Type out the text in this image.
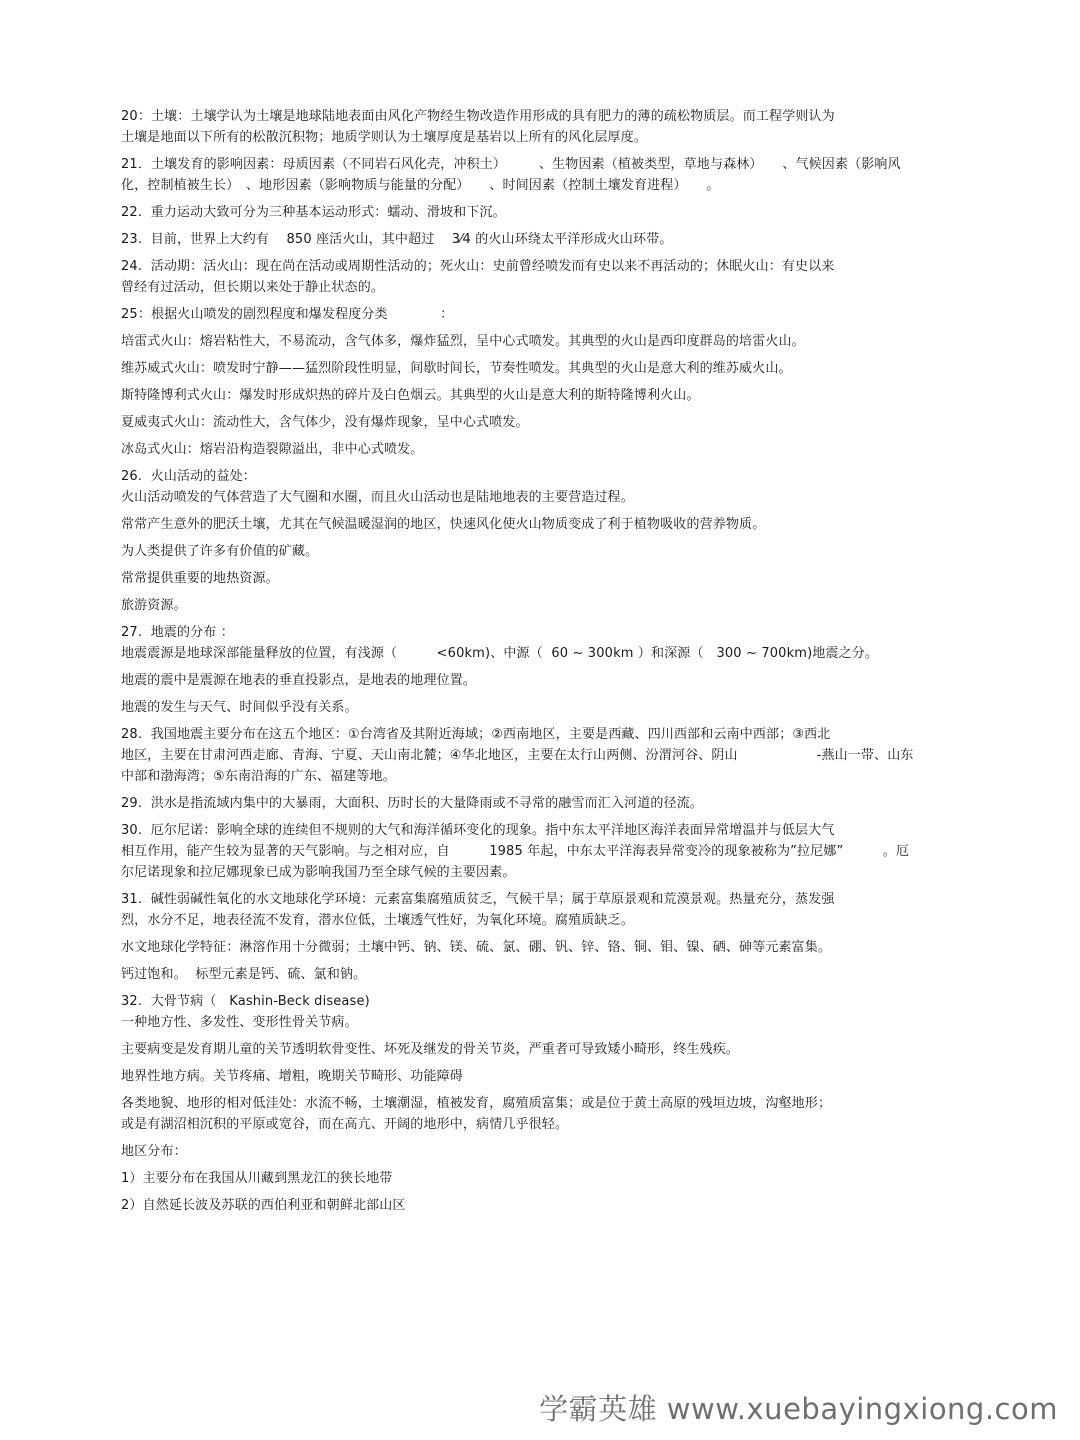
20：土壤：土壤学认为土壤是地球陆地表面由风化产物经生物改造作用形成的具有肥力的薄的疏松物质层。而工程学则认为
土壤是地面以下所有的松散沉积物；地质学则认为土壤厚度是基岩以上所有的风化层厚度。
21．土壤发育的影响因素：母质因素（不同岩石风化壳，冲积土）　　　、生物因素（植被类型，草地与森林）　　、气候因素（影响风
化，控制植被生长）　、地形因素（影响物质与能量的分配）　　、时间因素（控制土壤发育进程）　　。
22.  重力运动大致可分为三种基本运动形式：蠕动、滑坡和下沉。
23.  目前，世界上大约有　 850 座活火山，其中超过　 3⁄4 的火山环绕太平洋形成火山环带。
24.  活动期：活火山：现在尚在活动或周期性活动的；死火山：史前曾经喷发而有史以来不再活动的；休眠火山：有史以来
曾经有过活动，但长期以来处于静止状态的。
25：根据火山喷发的剧烈程度和爆发程度分类　　　　：
培雷式火山：熔岩粘性大，不易流动，含气体多，爆炸猛烈，呈中心式喷发。其典型的火山是西印度群岛的培雷火山。
维苏威式火山：喷发时宁静——猛烈阶段性明显，间歇时间长，节奏性喷发。其典型的火山是意大利的维苏威火山。
斯特隆博利式火山：爆发时形成炽热的碎片及白色烟云。其典型的火山是意大利的斯特隆博利火山。
夏威夷式火山：流动性大，含气体少，没有爆炸现象，呈中心式喷发。
冰岛式火山：熔岩沿构造裂隙溢出，非中心式喷发。
26.  火山活动的益处：
火山活动喷发的气体营造了大气圈和水圈，而且火山活动也是陆地地表的主要营造过程。
常常产生意外的肥沃土壤，尤其在气候温暖湿润的地区，快速风化使火山物质变成了利于植物吸收的营养物质。
为人类提供了许多有价值的矿藏。
常常提供重要的地热资源。
旅游资源。
27.  地震的分布 ：
地震震源是地球深部能量释放的位置，有浅源（　　　<60km)、中源（  60 ~ 300km ）和深源（   300 ~ 700km)地震之分。
地震的震中是震源在地表的垂直投影点，是地表的地理位置。
地震的发生与天气、时间似乎没有关系。
28.  我国地震主要分布在这五个地区：①台湾省及其附近海域；②西南地区，主要是西藏、四川西部和云南中西部；③西北
地区，主要在甘肃河西走廊、青海、宁夏、天山南北麓；④华北地区，主要在太行山两侧、汾渭河谷、阴山　　　　　　-燕山一带、山东
中部和渤海湾；⑤东南沿海的广东、福建等地。
29.  洪水是指流域内集中的大暴雨，大面积、历时长的大量降雨或不寻常的融雪而汇入河道的径流。
30.  厄尔尼诺：影响全球的连续但不规则的大气和海洋循环变化的现象。指中东太平洋地区海洋表面异常增温并与低层大气
相互作用，能产生较为显著的天气影响。与之相对应，自　　　1985 年起，中东太平洋海表异常变冷的现象被称为”拉尼娜”　　　。厄
尔尼诺现象和拉尼娜现象已成为影响我国乃至全球气候的主要因素。
31.  碱性弱碱性氧化的水文地球化学环境：元素富集腐殖质贫乏，气候干旱；属于草原景观和荒漠景观。热量充分，蒸发强
烈，水分不足，地表径流不发育，潜水位低，土壤透气性好，为氧化环境。腐殖质缺乏。
水文地球化学特征：淋溶作用十分微弱；土壤中钙、钠、镁、硫、氯、硼、钒、锌、铬、铜、钼、镍、硒、砷等元素富集。
钙过饱和。  标型元素是钙、硫、氯和钠。
32.  大骨节病（   Kashin-Beck disease)
一种地方性、多发性、变形性骨关节病。
主要病变是发育期儿童的关节透明软骨变性、坏死及继发的骨关节炎，严重者可导致矮小畸形，终生残疾。
地界性地方病。关节疼痛、增粗，晚期关节畸形、功能障碍
各类地貌、地形的相对低洼处：水流不畅，土壤潮湿，植被发育，腐殖质富集；或是位于黄土高原的残垣边坡，沟壑地形；
或是有湖沼相沉积的平原或宽谷，而在高亢、开阔的地形中，病情几乎很轻。
地区分布：
1）主要分布在我国从川藏到黑龙江的狭长地带
2）自然延长波及苏联的西伯利亚和朝鲜北部山区
学霸英雄 www.xuebayingxiong.com
